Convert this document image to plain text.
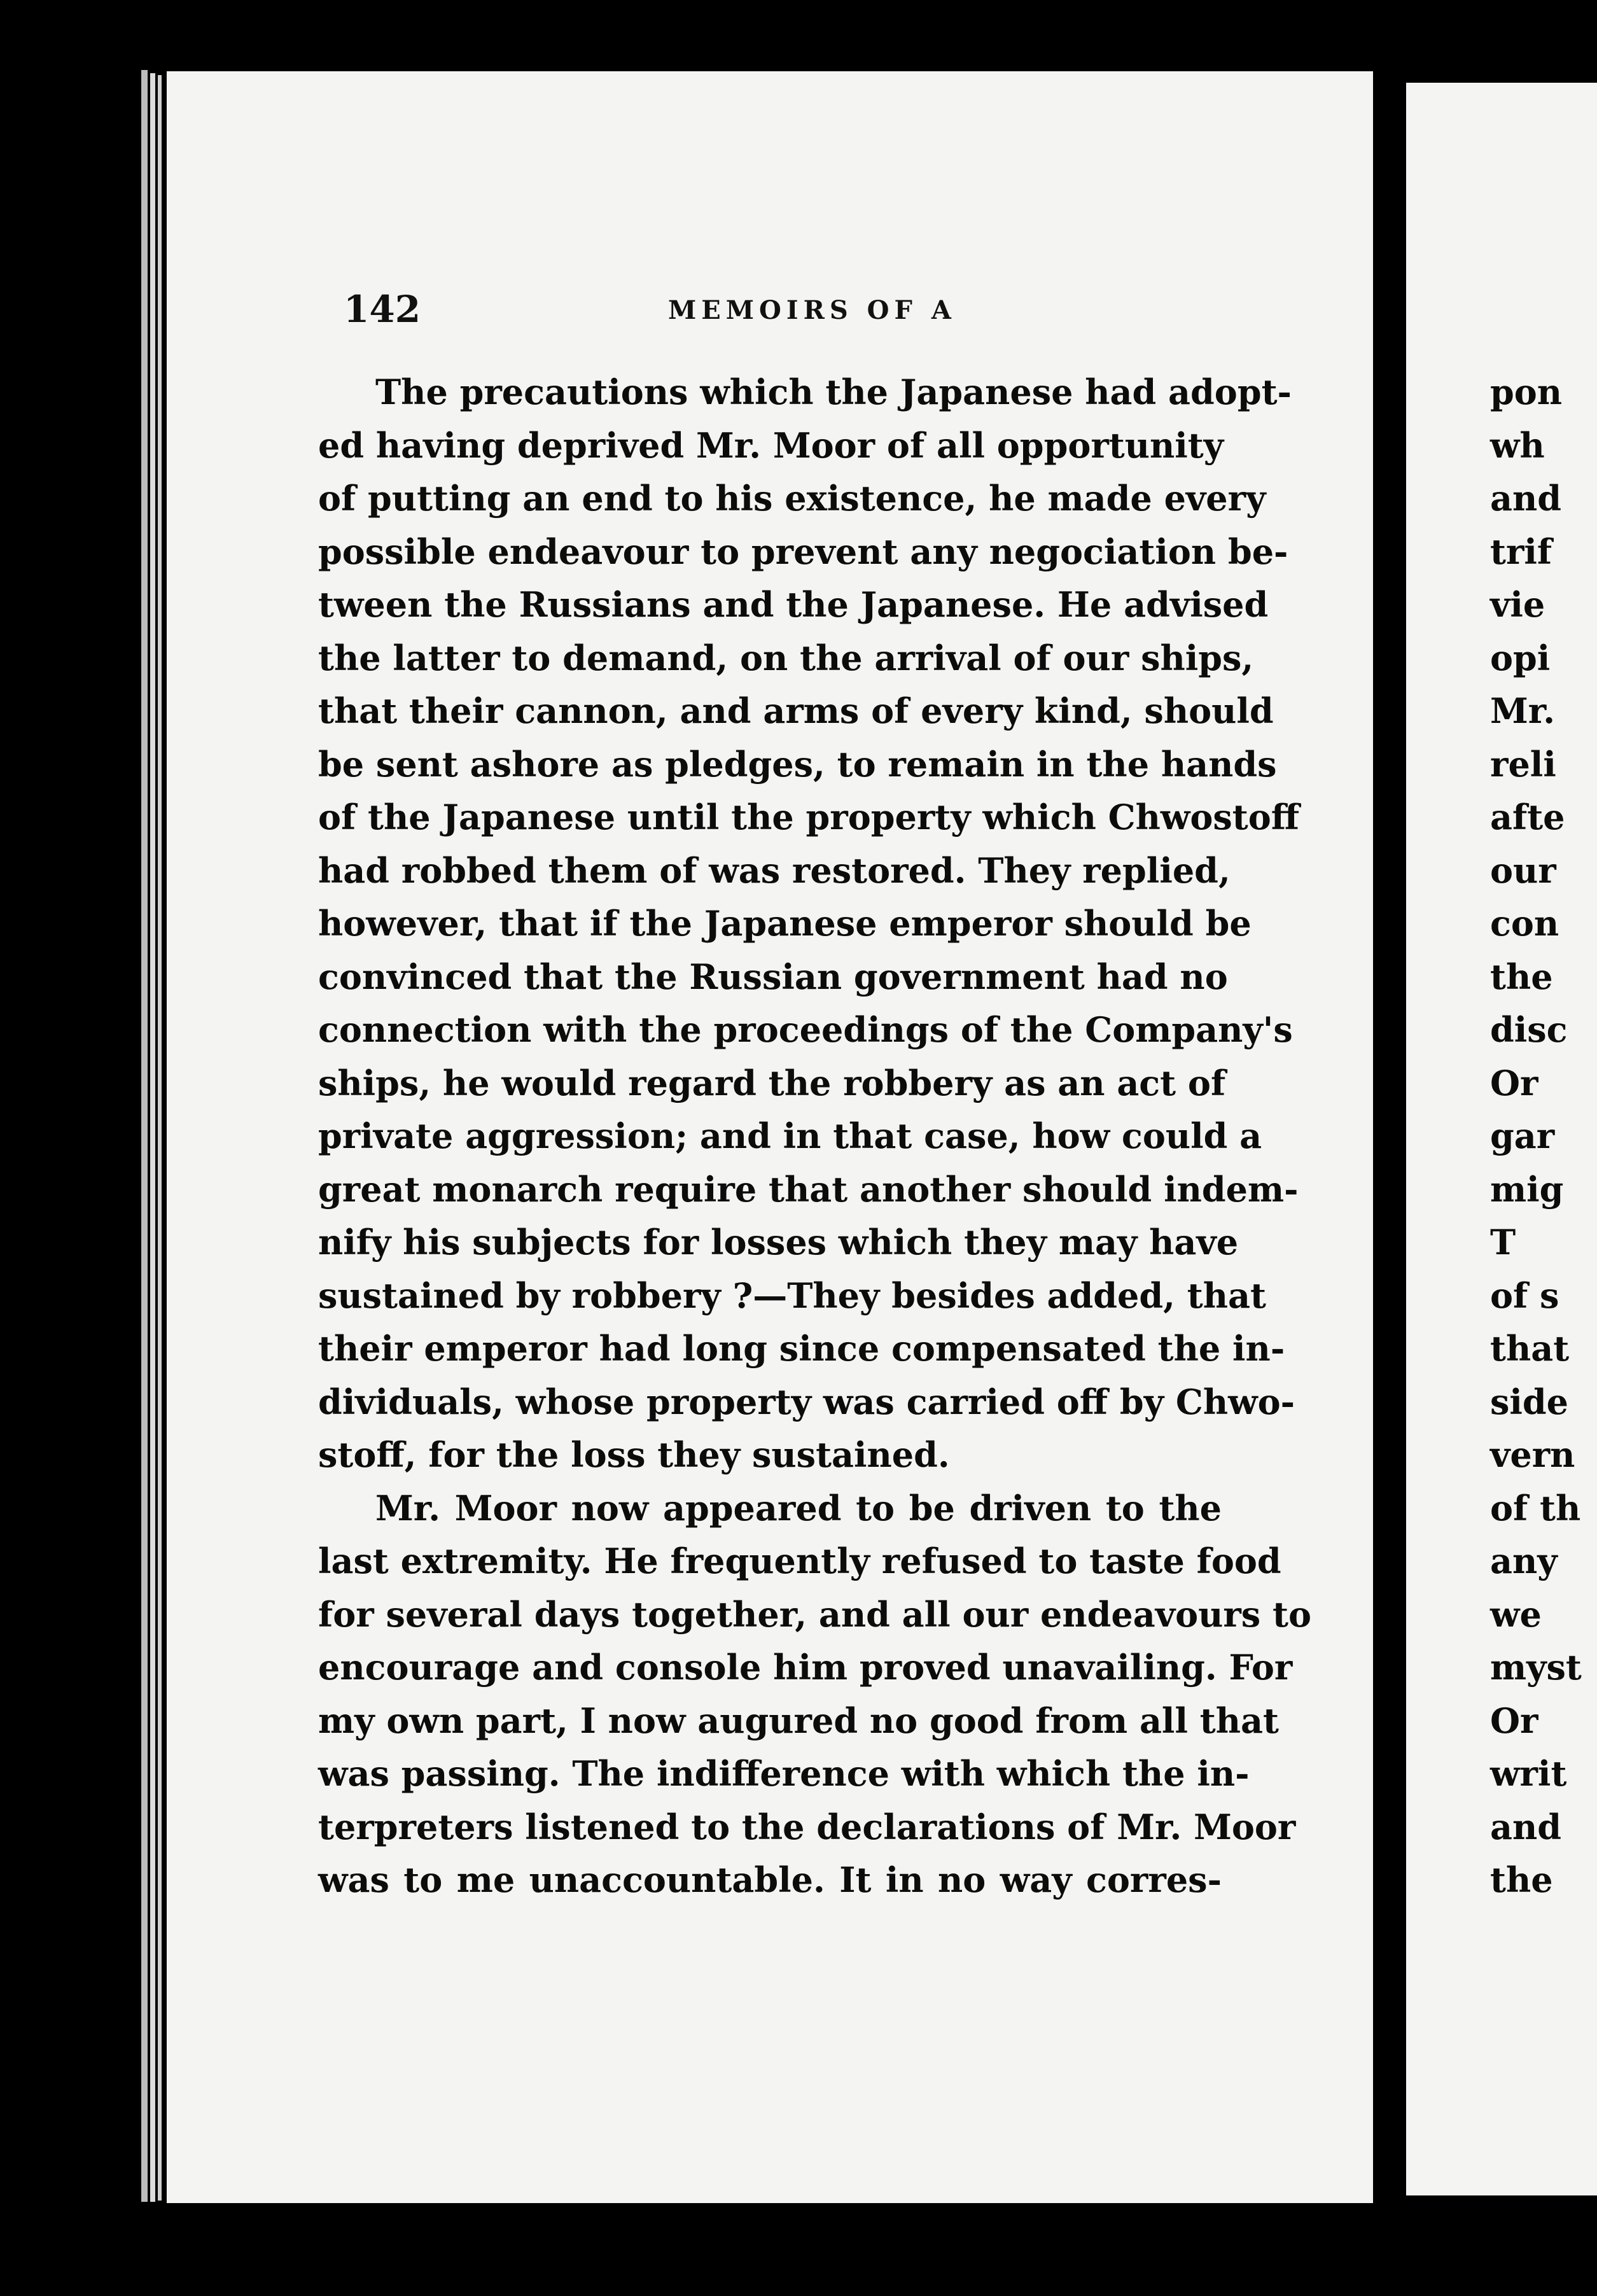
142	MEMOIRS OF A
The precautions which the Japanese had adopt-
ed having deprived Mr. Moor of all opportunity
of putting an end to his existence, he made every
possible endeavour to prevent any negociation be-
tween the Russians and the Japanese. He advised
the latter to demand, on the arrival of our ships,
that their cannon, and arms of every kind, should
be sent ashore as pledges, to remain in the hands
of the Japanese until the property which Chwostoff
had robbed them of was restored. They replied,
however, that if the Japanese emperor should be
convinced that the Russian government had no
connection with the proceedings of the Company's
ships, he would regard the robbery as an act of
private aggression; and in that case, how could a
great monarch require that another should indem-
nify his subjects for losses which they may have
sustained by robbery ?—They besides added, that
their emperor had long since compensated the in-
dividuals, whose property was carried off by Chwo-
stoff, for the loss they sustained.
Mr. Moor now appeared to be driven to the
last extremity. He frequently refused to taste food
for several days together, and all our endeavours to
encourage and console him proved unavailing. For
my own part, I now augured no good from all that
was passing. The indifference with which the in-
terpreters listened to the declarations of Mr. Moor
was to me unaccountable. It in no way corres-
pon
wh
and
trif
vie
opi
Mr.
reli
afte
our
con
the
disc
Or
gar
mig
T
of s
that
side
vern
of th
any
we
myst
Or
writ
and
the
